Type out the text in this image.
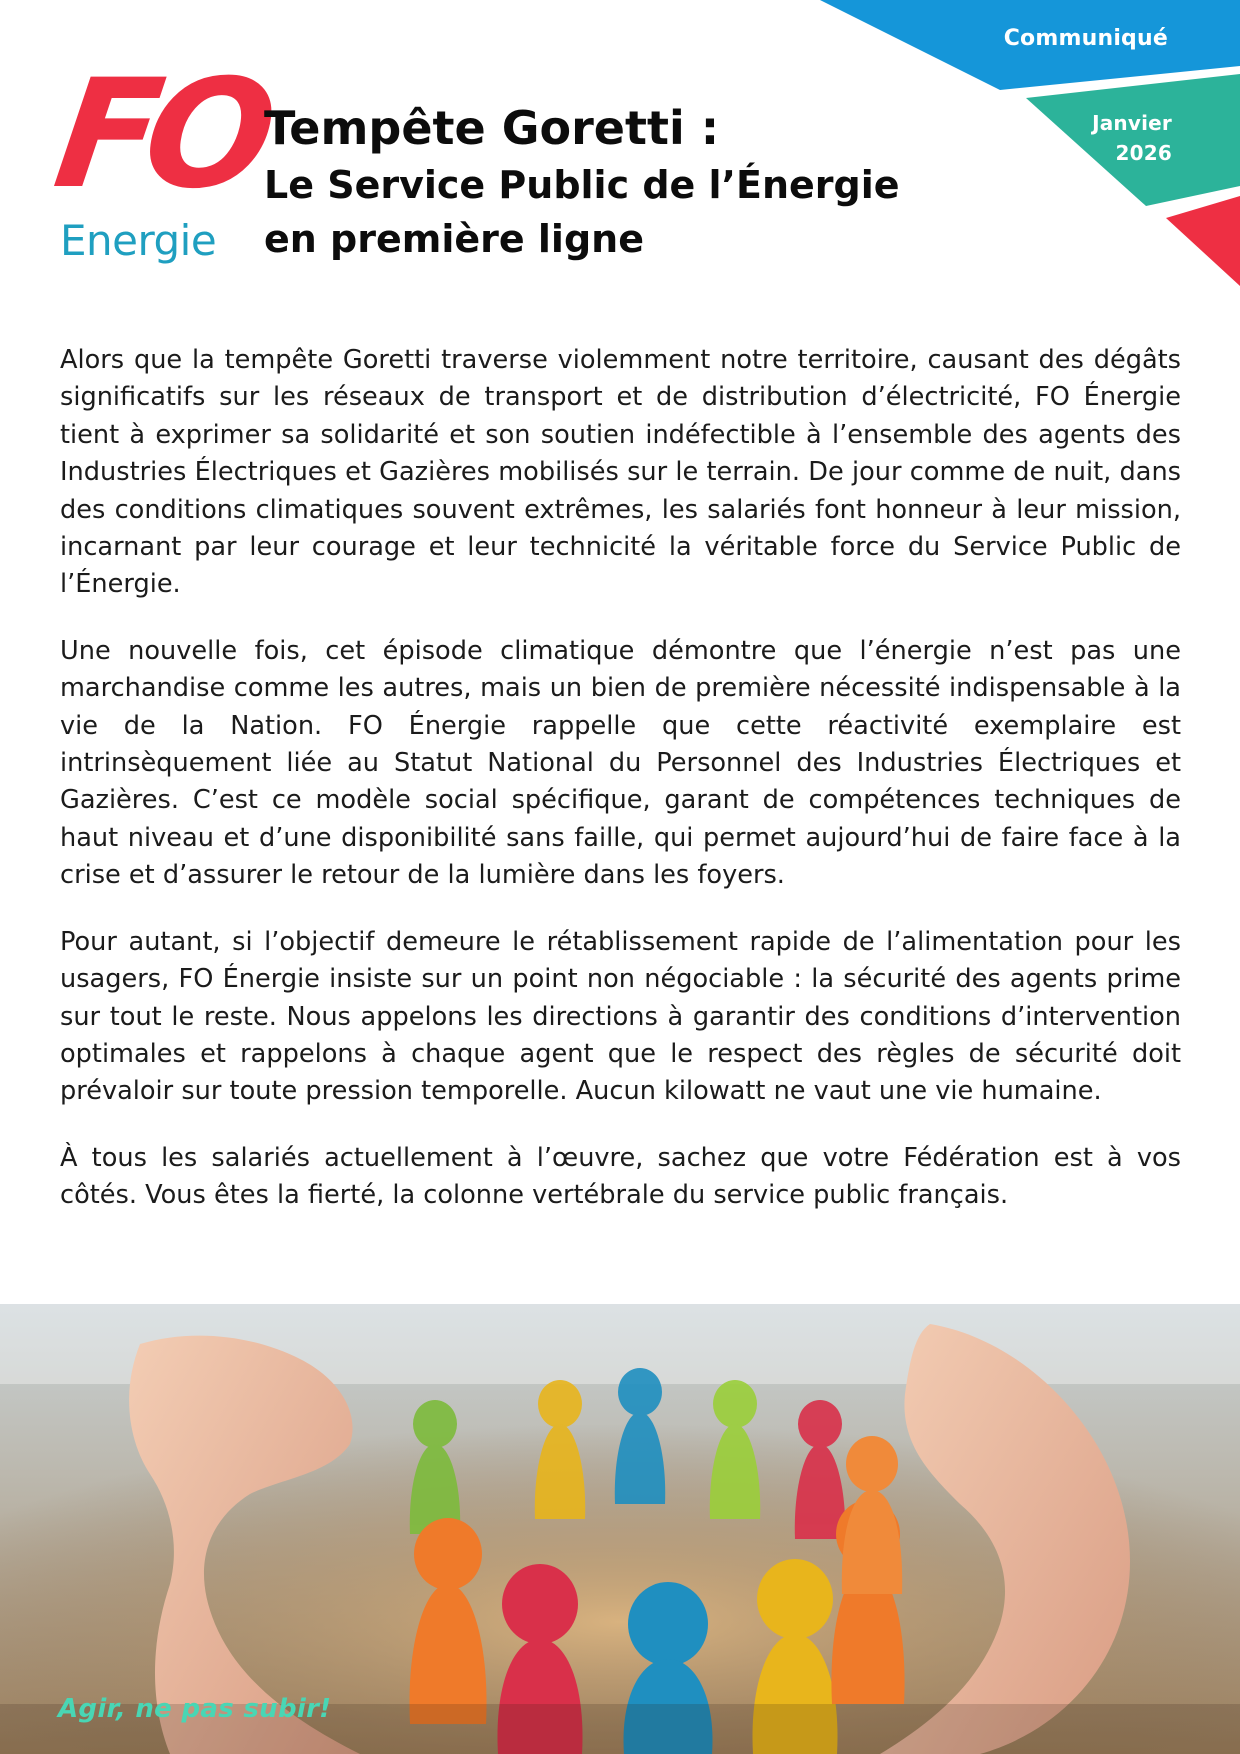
Communiqué
Janvier
2026
FO
Energie
Tempête Goretti :
Le Service Public de l’Énergie
en première ligne

Alors que la tempête Goretti traverse violemment notre territoire, causant des dégâts significatifs sur les réseaux de transport et de distribution d’électricité, FO Énergie tient à exprimer sa solidarité et son soutien indéfectible à l’ensemble des agents des Industries Électriques et Gazières mobilisés sur le terrain. De jour comme de nuit, dans des conditions climatiques souvent extrêmes, les salariés font honneur à leur mission, incarnant par leur courage et leur technicité la véritable force du Service Public de l’Énergie.

Une nouvelle fois, cet épisode climatique démontre que l’énergie n’est pas une marchandise comme les autres, mais un bien de première nécessité indispensable à la vie de la Nation. FO Énergie rappelle que cette réactivité exemplaire est intrinsèquement liée au Statut National du Personnel des Industries Électriques et Gazières. C’est ce modèle social spécifique, garant de compétences techniques de haut niveau et d’une disponibilité sans faille, qui permet aujourd’hui de faire face à la crise et d’assurer le retour de la lumière dans les foyers.

Pour autant, si l’objectif demeure le rétablissement rapide de l’alimentation pour les usagers, FO Énergie insiste sur un point non négociable : la sécurité des agents prime sur tout le reste. Nous appelons les directions à garantir des conditions d’intervention optimales et rappelons à chaque agent que le respect des règles de sécurité doit prévaloir sur toute pression temporelle. Aucun kilowatt ne vaut une vie humaine.

À tous les salariés actuellement à l’œuvre, sachez que votre Fédération est à vos côtés. Vous êtes la fierté, la colonne vertébrale du service public français.

Agir, ne pas subir!
